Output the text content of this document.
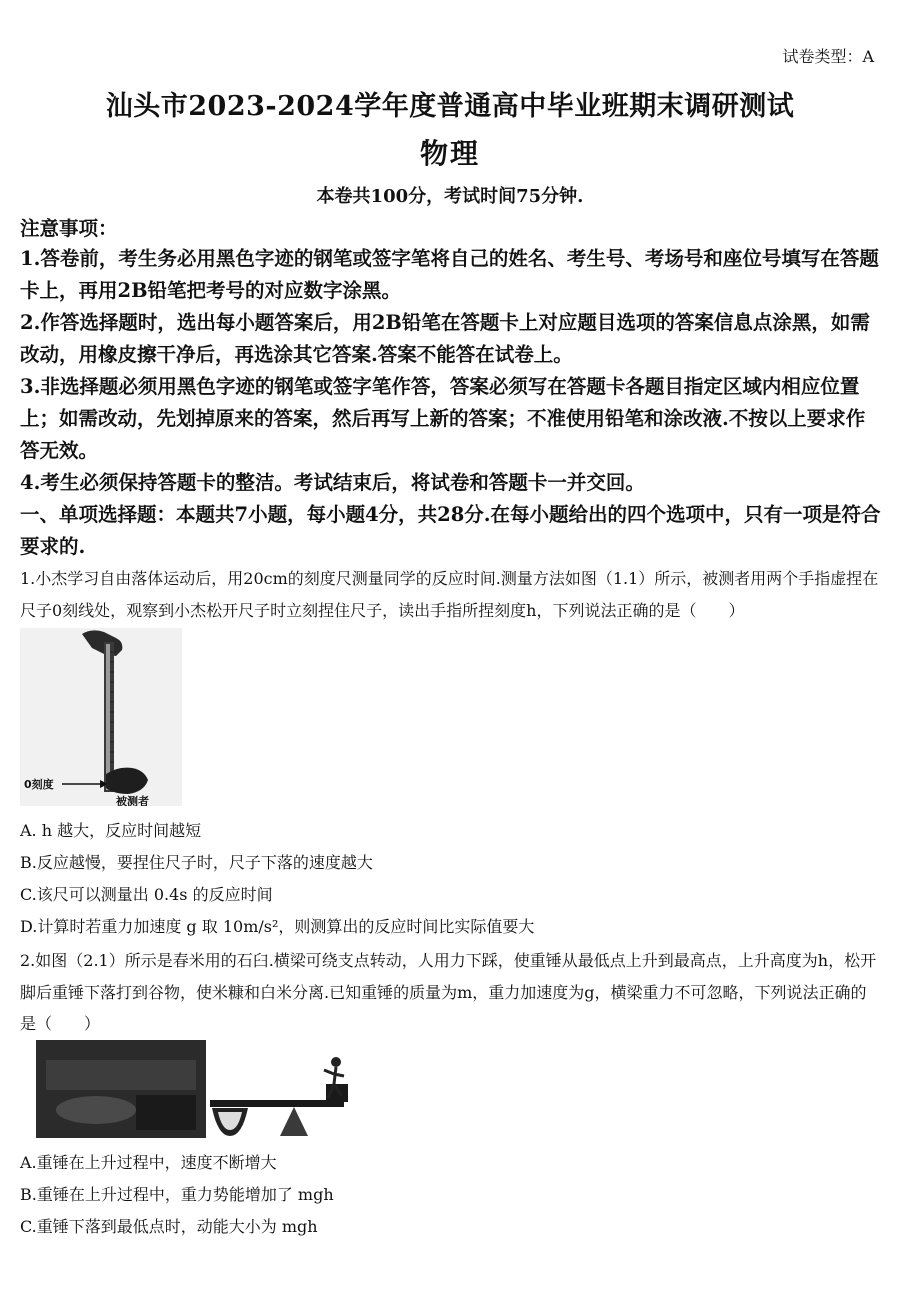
试卷类型：A
汕头市2023-2024学年度普通高中毕业班期末调研测试
物理
本卷共100分，考试时间75分钟.
注意事项：
1.答卷前，考生务必用黑色字迹的钢笔或签字笔将自己的姓名、考生号、考场号和座位号填写在答题卡上，再用2B铅笔把考号的对应数字涂黑。
2.作答选择题时，选出每小题答案后，用2B铅笔在答题卡上对应题目选项的答案信息点涂黑，如需改动，用橡皮擦干净后，再选涂其它答案.答案不能答在试卷上。
3.非选择题必须用黑色字迹的钢笔或签字笔作答，答案必须写在答题卡各题目指定区域内相应位置上；如需改动，先划掉原来的答案，然后再写上新的答案；不准使用铅笔和涂改液.不按以上要求作答无效。
4.考生必须保持答题卡的整洁。考试结束后，将试卷和答题卡一并交回。
一、单项选择题：本题共7小题，每小题4分，共28分.在每小题给出的四个选项中，只有一项是符合要求的.
1.小杰学习自由落体运动后，用20cm的刻度尺测量同学的反应时间.测量方法如图（1.1）所示，被测者用两个手指虚捏在尺子0刻线处，观察到小杰松开尺子时立刻捏住尺子，读出手指所捏刻度h，下列说法正确的是（　　）
0刻度
被测者
A. h 越大，反应时间越短
B.反应越慢，要捏住尺子时，尺子下落的速度越大
C.该尺可以测量出 0.4s 的反应时间
D.计算时若重力加速度 g 取 10m/s²，则测算出的反应时间比实际值要大
2.如图（2.1）所示是春米用的石臼.横梁可绕支点转动，人用力下踩，使重锤从最低点上升到最高点，上升高度为h，松开脚后重锤下落打到谷物，使米糠和白米分离.已知重锤的质量为m，重力加速度为g，横梁重力不可忽略，下列说法正确的是（　　）
A.重锤在上升过程中，速度不断增大
B.重锤在上升过程中，重力势能增加了 mgh
C.重锤下落到最低点时，动能大小为 mgh
